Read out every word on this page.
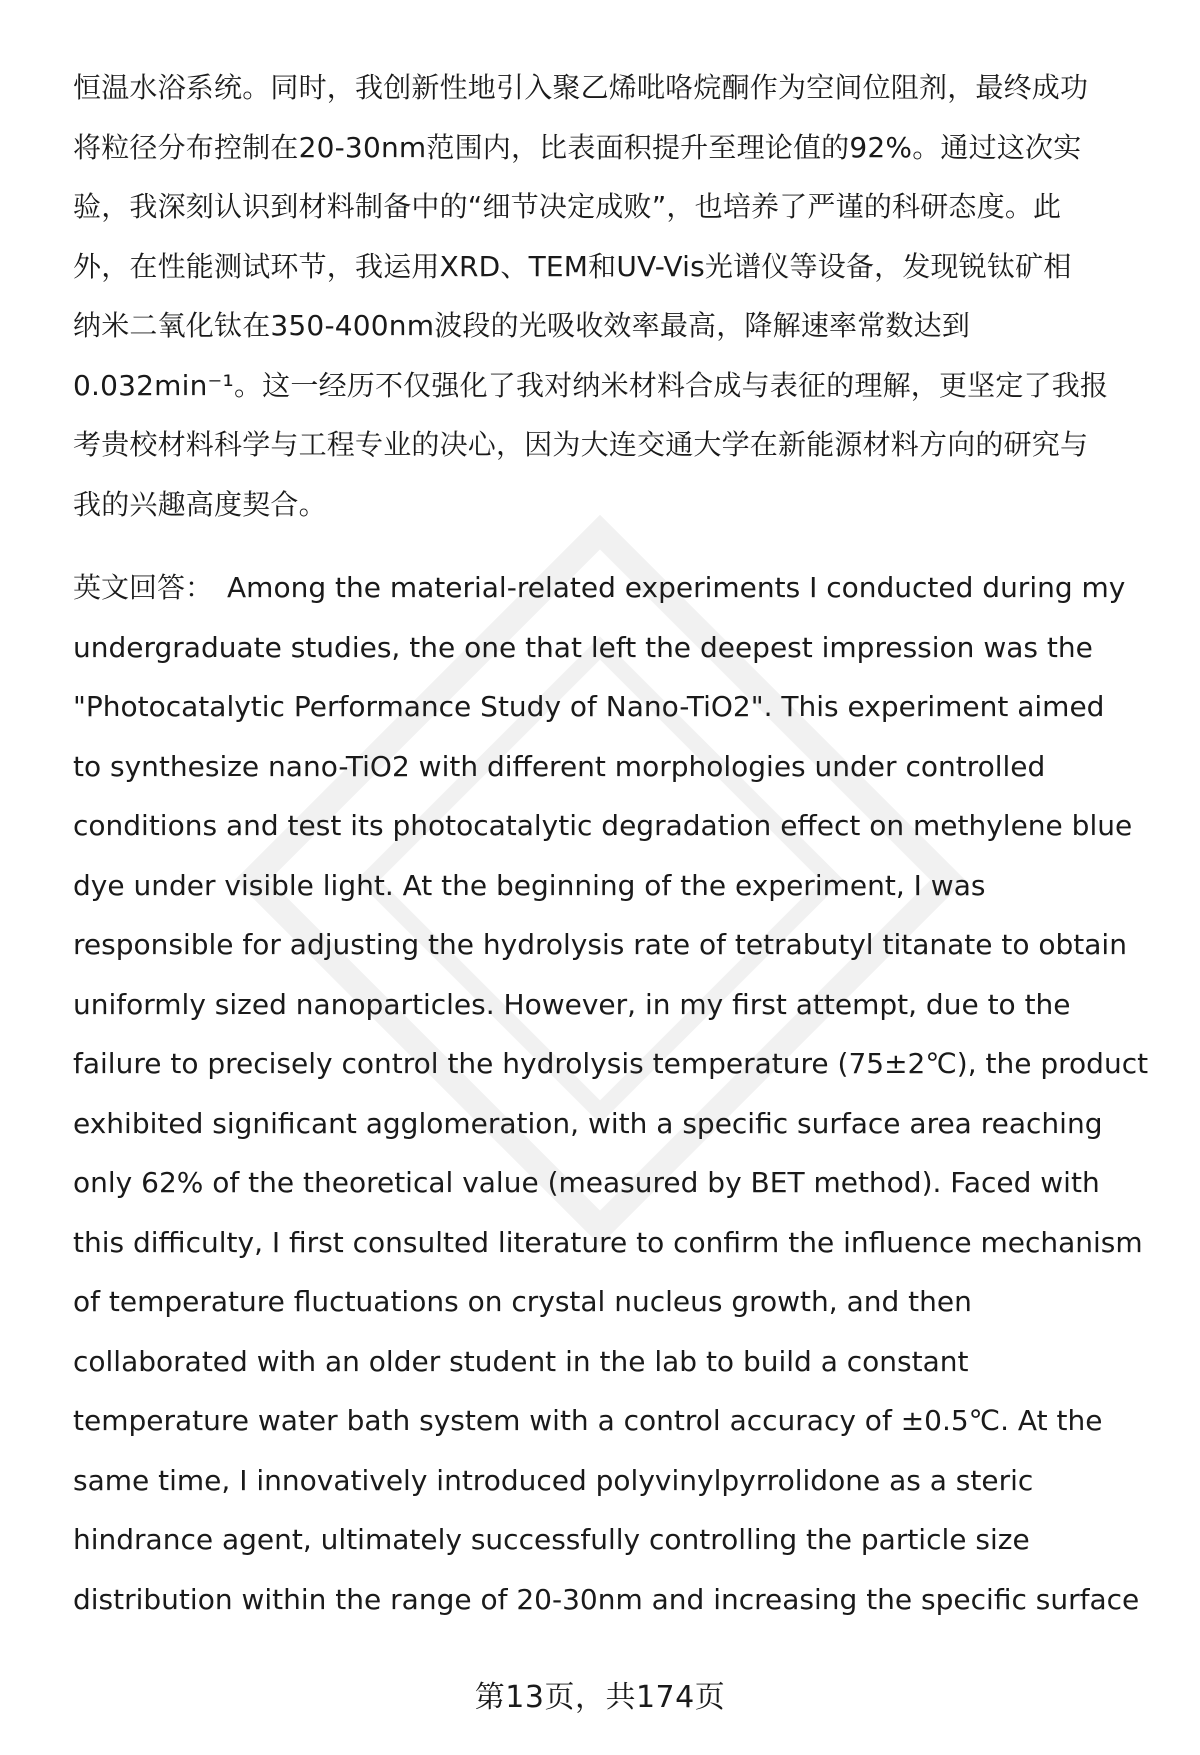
恒温水浴系统。同时，我创新性地引入聚乙烯吡咯烷酮作为空间位阻剂，最终成功
将粒径分布控制在20-30nm范围内，比表面积提升至理论值的92%。通过这次实
验，我深刻认识到材料制备中的“细节决定成败”，也培养了严谨的科研态度。此
外，在性能测试环节，我运用XRD、TEM和UV-Vis光谱仪等设备，发现锐钛矿相
纳米二氧化钛在350-400nm波段的光吸收效率最高，降解速率常数达到
0.032min⁻¹。这一经历不仅强化了我对纳米材料合成与表征的理解，更坚定了我报
考贵校材料科学与工程专业的决心，因为大连交通大学在新能源材料方向的研究与
我的兴趣高度契合。

英文回答： Among the material-related experiments I conducted during my
undergraduate studies, the one that left the deepest impression was the
"Photocatalytic Performance Study of Nano-TiO2". This experiment aimed
to synthesize nano-TiO2 with different morphologies under controlled
conditions and test its photocatalytic degradation effect on methylene blue
dye under visible light. At the beginning of the experiment, I was
responsible for adjusting the hydrolysis rate of tetrabutyl titanate to obtain
uniformly sized nanoparticles. However, in my first attempt, due to the
failure to precisely control the hydrolysis temperature (75±2℃), the product
exhibited significant agglomeration, with a specific surface area reaching
only 62% of the theoretical value (measured by BET method). Faced with
this difficulty, I first consulted literature to confirm the influence mechanism
of temperature fluctuations on crystal nucleus growth, and then
collaborated with an older student in the lab to build a constant
temperature water bath system with a control accuracy of ±0.5℃. At the
same time, I innovatively introduced polyvinylpyrrolidone as a steric
hindrance agent, ultimately successfully controlling the particle size
distribution within the range of 20-30nm and increasing the specific surface

第13页，共174页
